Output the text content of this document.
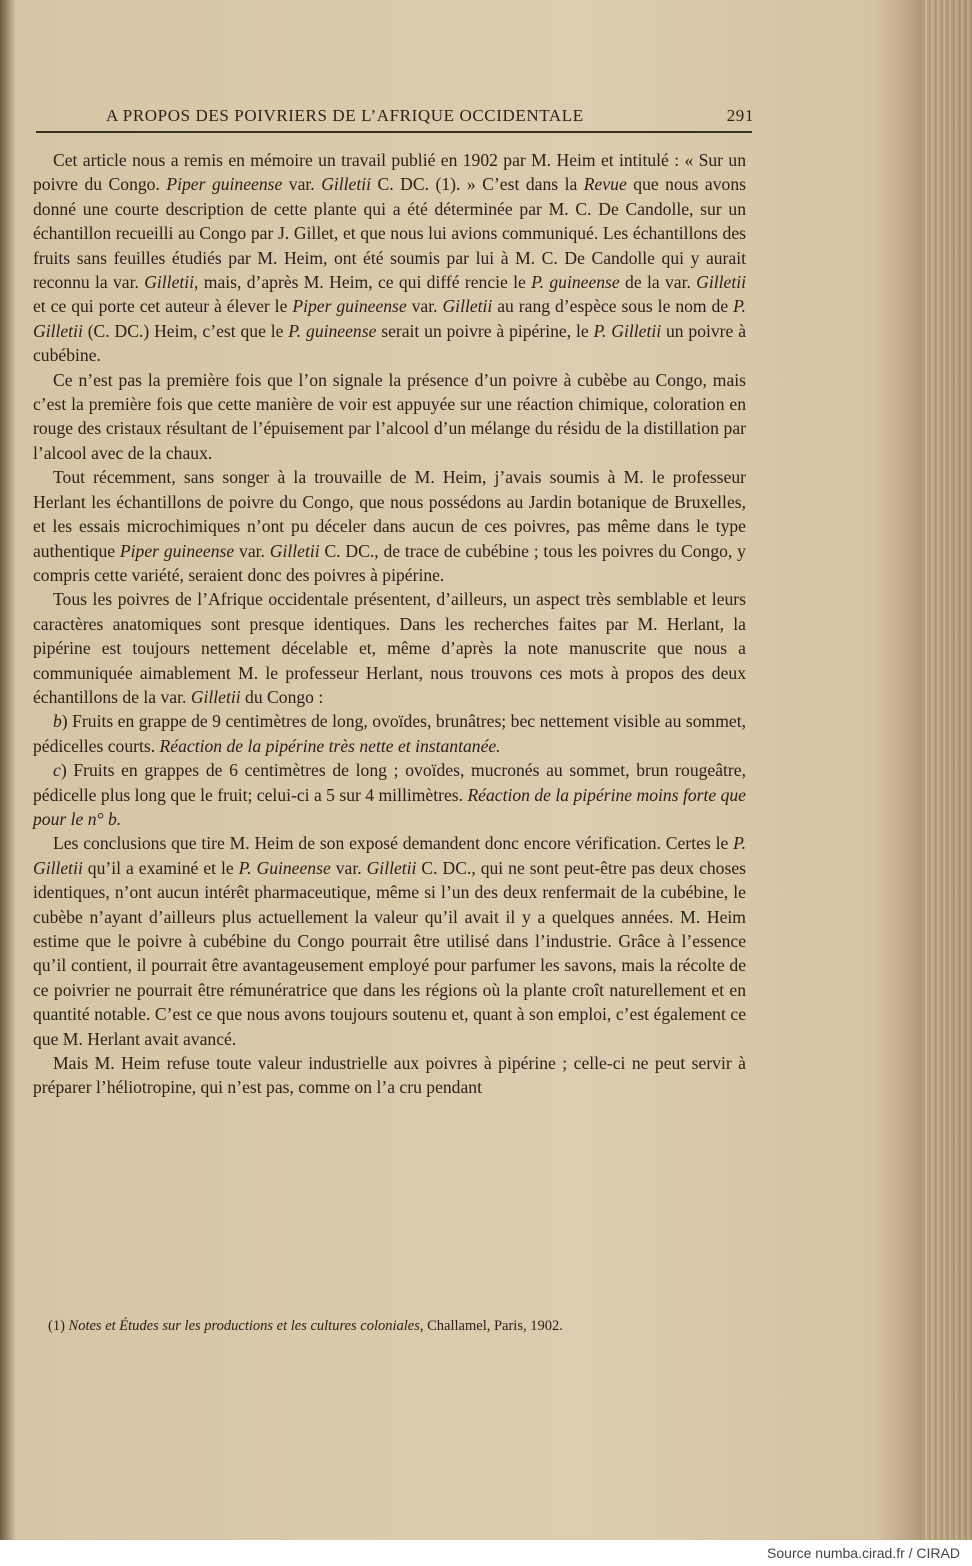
A PROPOS DES POIVRIERS DE L’AFRIQUE OCCIDENTALE	291

Cet article nous a remis en mémoire un travail publié en 1902 par M. Heim et intitulé : « Sur un poivre du Congo. Piper guineense var. Gilletii C. DC. (1). » C’est dans la Revue que nous avons donné une courte description de cette plante qui a été déterminée par M. C. De Candolle, sur un échantillon recueilli au Congo par J. Gillet, et que nous lui avions communiqué. Les échantillons des fruits sans feuilles étudiés par M. Heim, ont été soumis par lui à M. C. De Candolle qui y aurait reconnu la var. Gilletii, mais, d’après M. Heim, ce qui diffé rencie le P. guineense de la var. Gilletii et ce qui porte cet auteur à élever le Piper guineense var. Gilletii au rang d’espèce sous le nom de P. Gilletii (C. DC.) Heim, c’est que le P. guineense serait un poivre à pipérine, le P. Gilletii un poivre à cubébine.

Ce n’est pas la première fois que l’on signale la présence d’un poivre à cubèbe au Congo, mais c’est la première fois que cette manière de voir est appuyée sur une réaction chimique, coloration en rouge des cristaux résultant de l’épuisement par l’alcool d’un mélange du résidu de la distillation par l’alcool avec de la chaux.

Tout récemment, sans songer à la trouvaille de M. Heim, j’avais soumis à M. le professeur Herlant les échantillons de poivre du Congo, que nous possédons au Jardin botanique de Bruxelles, et les essais microchimiques n’ont pu déceler dans aucun de ces poivres, pas même dans le type authentique Piper guineense var. Gilletii C. DC., de trace de cubébine ; tous les poivres du Congo, y compris cette variété, seraient donc des poivres à pipérine.

Tous les poivres de l’Afrique occidentale présentent, d’ailleurs, un aspect très semblable et leurs caractères anatomiques sont presque identiques. Dans les recherches faites par M. Herlant, la pipérine est toujours nettement décelable et, même d’après la note manuscrite que nous a communiquée aimablement M. le professeur Herlant, nous trouvons ces mots à propos des deux échantillons de la var. Gilletii du Congo :

b) Fruits en grappe de 9 centimètres de long, ovoïdes, brunâtres; bec nettement visible au sommet, pédicelles courts. Réaction de la pipérine très nette et instantanée.

c) Fruits en grappes de 6 centimètres de long ; ovoïdes, mucronés au sommet, brun rougeâtre, pédicelle plus long que le fruit; celui-ci a 5 sur 4 millimètres. Réaction de la pipérine moins forte que pour le n° b.

Les conclusions que tire M. Heim de son exposé demandent donc encore vérification. Certes le P. Gilletii qu’il a examiné et le P. Guineense var. Gilletii C. DC., qui ne sont peut-être pas deux choses identiques, n’ont aucun intérêt pharmaceutique, même si l’un des deux renfermait de la cubébine, le cubèbe n’ayant d’ailleurs plus actuellement la valeur qu’il avait il y a quelques années. M. Heim estime que le poivre à cubébine du Congo pourrait être utilisé dans l’industrie. Grâce à l’essence qu’il contient, il pourrait être avantageusement employé pour parfumer les savons, mais la récolte de ce poivrier ne pourrait être rémunératrice que dans les régions où la plante croît naturellement et en quantité notable. C’est ce que nous avons toujours soutenu et, quant à son emploi, c’est également ce que M. Herlant avait avancé.

Mais M. Heim refuse toute valeur industrielle aux poivres à pipérine ; celle-ci ne peut servir à préparer l’héliotropine, qui n’est pas, comme on l’a cru pendant

(1) Notes et Études sur les productions et les cultures coloniales, Challamel, Paris, 1902.
Source numba.cirad.fr / CIRAD
